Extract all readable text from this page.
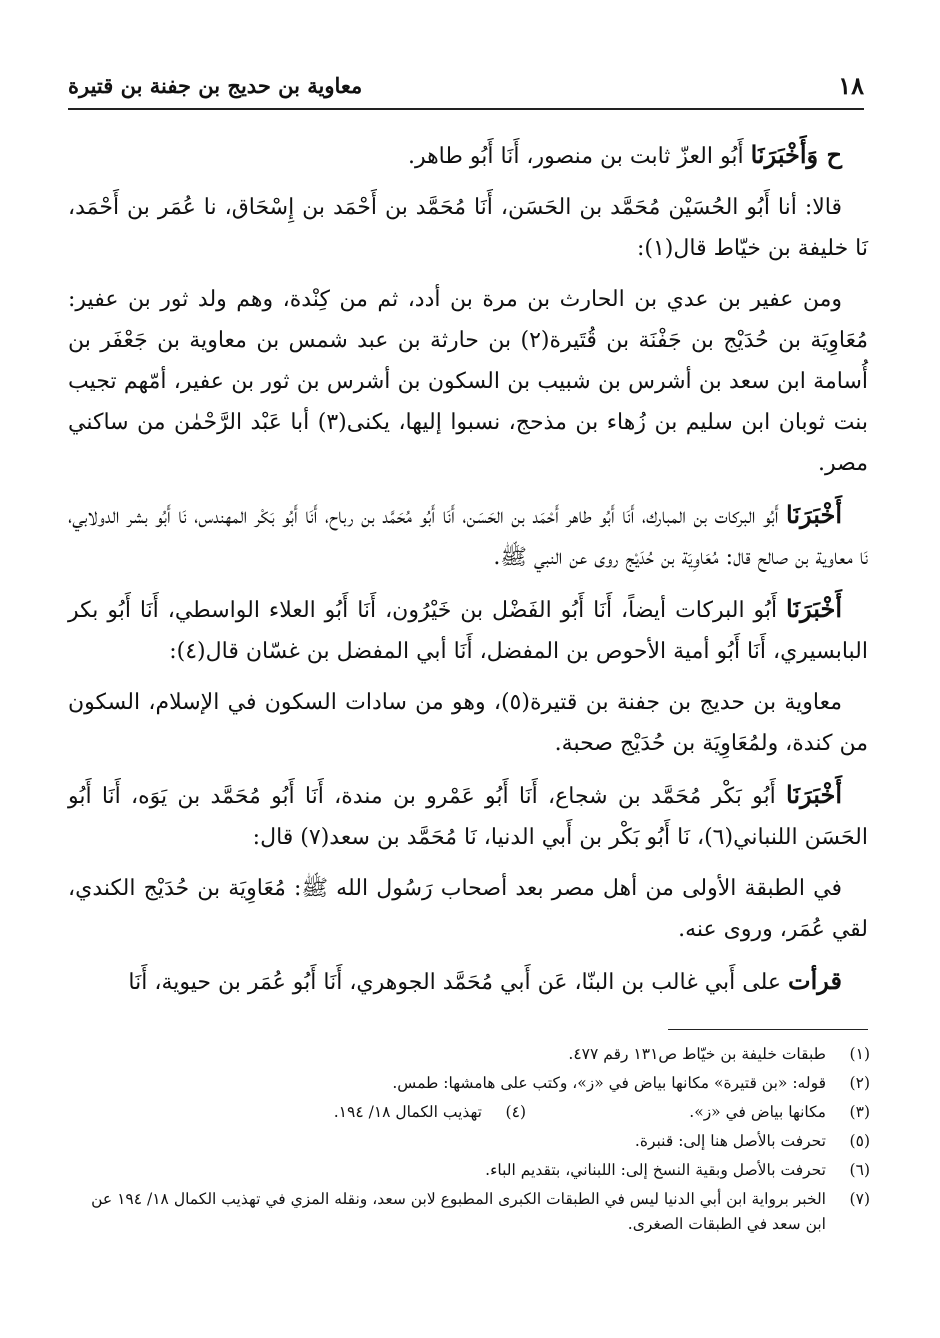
١٨
معاوية بن حديج بن جفنة بن قتيرة

ح وَأَخْبَرَنَا أَبُو العزّ ثابت بن منصور، أَنَا أَبُو طاهر.

قالا: أنا أَبُو الحُسَيْن مُحَمَّد بن الحَسَن، أَنَا مُحَمَّد بن أَحْمَد بن إِسْحَاق، نا عُمَر بن أَحْمَد، نَا خليفة بن خيّاط قال(١):

ومن عفير بن عدي بن الحارث بن مرة بن أدد، ثم من كِنْدة، وهم ولد ثور بن عفير: مُعَاوِيَة بن حُدَيْج بن جَفْنَة بن قُتَيرة(٢) بن حارثة بن عبد شمس بن معاوية بن جَعْفَر بن أُسامة ابن سعد بن أشرس بن شبيب بن السكون بن أشرس بن ثور بن عفير، أمّهم تجيب بنت ثوبان ابن سليم بن زُهاء بن مذحج، نسبوا إليها، يكنى(٣) أبا عَبْد الرَّحْمٰن من ساكني مصر.

أَخْبَرَنَا أَبُو البركات بن المبارك، أَنَا أَبُو طاهر أَحْمَد بن الحَسَن، أَنَا أَبُو مُحَمَّد بن رباح، أَنَا أَبُو بَكْر المهندس، نَا أَبُو بشر الدولابي، نَا معاوية بن صالح قال: مُعَاوِيَة بن حُدَيْج روى عن النبي ﷺ.

أَخْبَرَنَا أَبُو البركات أيضاً، أَنَا أَبُو الفَضْل بن خَيْرُون، أَنَا أَبُو العلاء الواسطي، أَنَا أَبُو بكر البابسيري، أَنَا أَبُو أمية الأحوص بن المفضل، أَنَا أبي المفضل بن غسّان قال(٤):

معاوية بن حديج بن جفنة بن قتيرة(٥)، وهو من سادات السكون في الإسلام، السكون من كندة، ولمُعَاوِيَة بن حُدَيْج صحبة.

أَخْبَرَنَا أَبُو بَكْر مُحَمَّد بن شجاع، أَنَا أَبُو عَمْرو بن مندة، أَنَا أَبُو مُحَمَّد بن يَوَه، أَنَا أَبُو الحَسَن اللنباني(٦)، نَا أَبُو بَكْر بن أَبي الدنيا، نَا مُحَمَّد بن سعد(٧) قال:

في الطبقة الأولى من أهل مصر بعد أصحاب رَسُول الله ﷺ: مُعَاوِيَة بن حُدَيْج الكندي، لقي عُمَر، وروى عنه.

قرأت على أَبي غالب بن البنّا، عَن أَبي مُحَمَّد الجوهري، أَنَا أَبُو عُمَر بن حيوية، أَنَا

(١)
طبقات خليفة بن خيّاط ص١٣١ رقم ٤٧٧.
(٢)
قوله: «بن قتيرة» مكانها بياض في «ز»، وكتب على هامشها: طمس.
(٣)
مكانها بياض في «ز».
(٤)
تهذيب الكمال ١٨/ ١٩٤.
(٥)
تحرفت بالأصل هنا إلى: قنبرة.
(٦)
تحرفت بالأصل وبقية النسخ إلى: اللبناني، بتقديم الباء.
(٧)
الخبر برواية ابن أبي الدنيا ليس في الطبقات الكبرى المطبوع لابن سعد، ونقله المزي في تهذيب الكمال ١٨/ ١٩٤ عن ابن سعد في الطبقات الصغرى.
